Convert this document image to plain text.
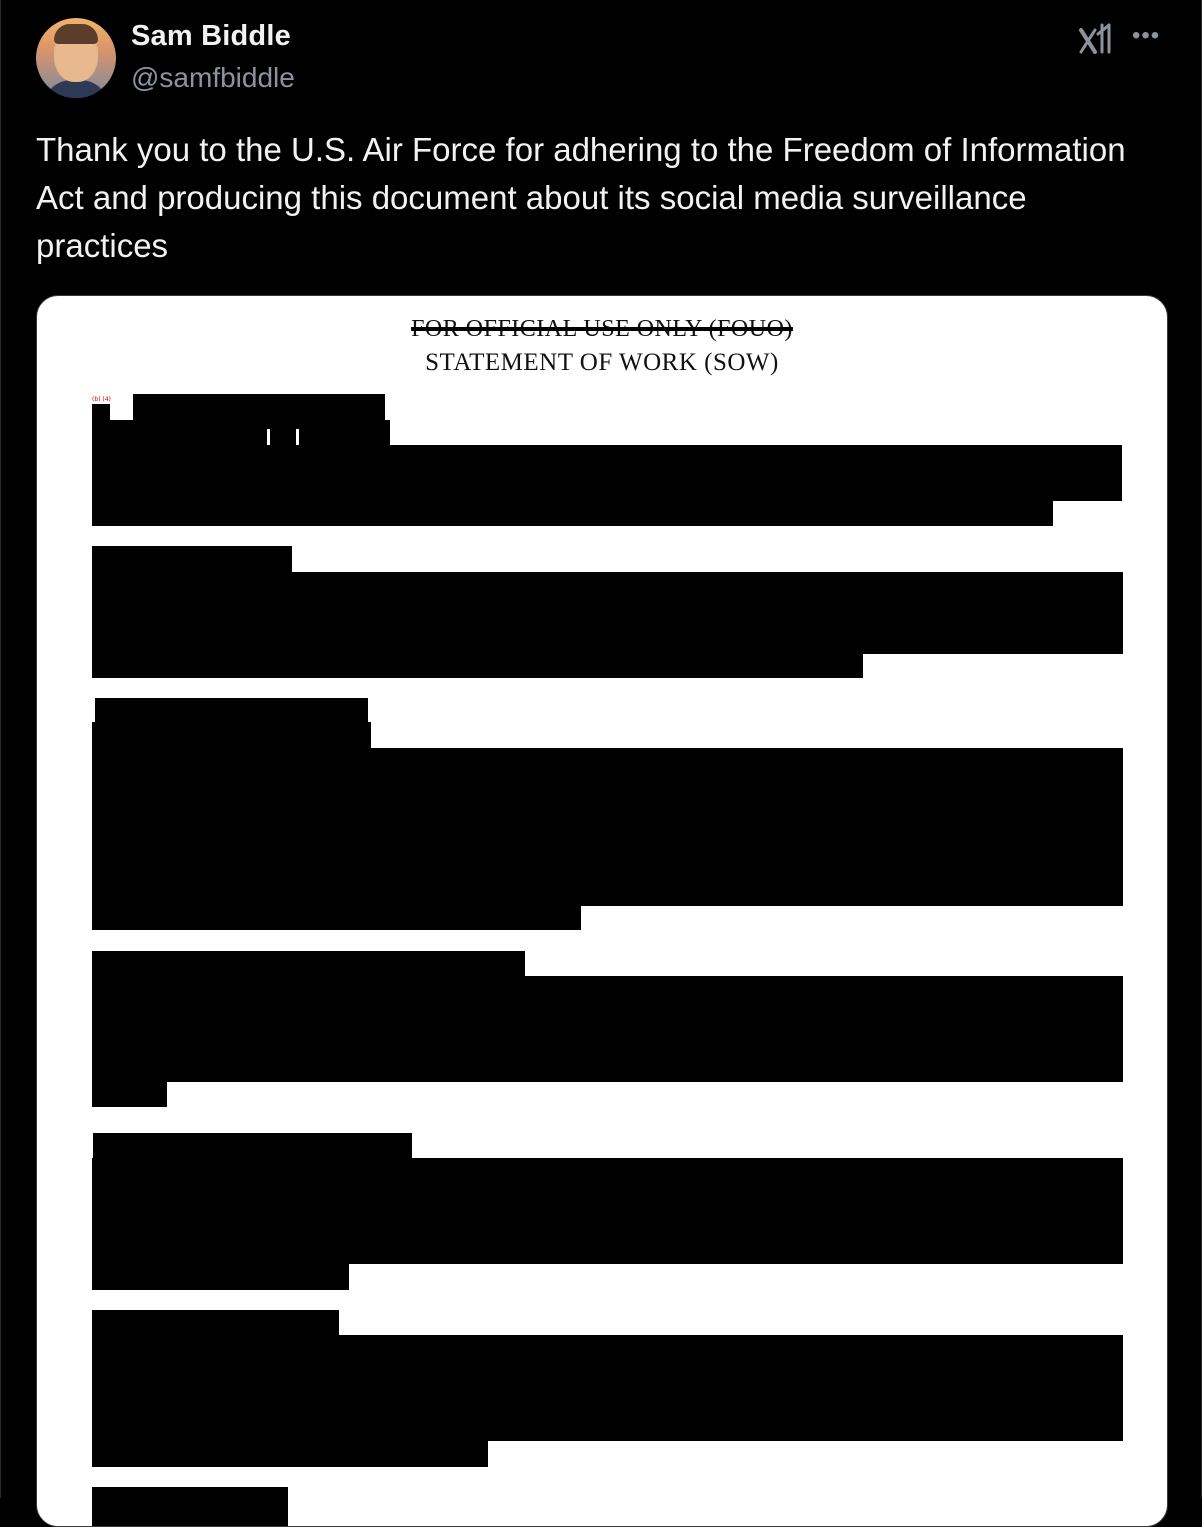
Sam Biddle
@samfbiddle
•••

Thank you to the U.S. Air Force for adhering to the Freedom of Information Act and producing this document about its social media surveillance practices

FOR OFFICIAL USE ONLY (FOUO)
STATEMENT OF WORK (SOW)
(b) (4)
